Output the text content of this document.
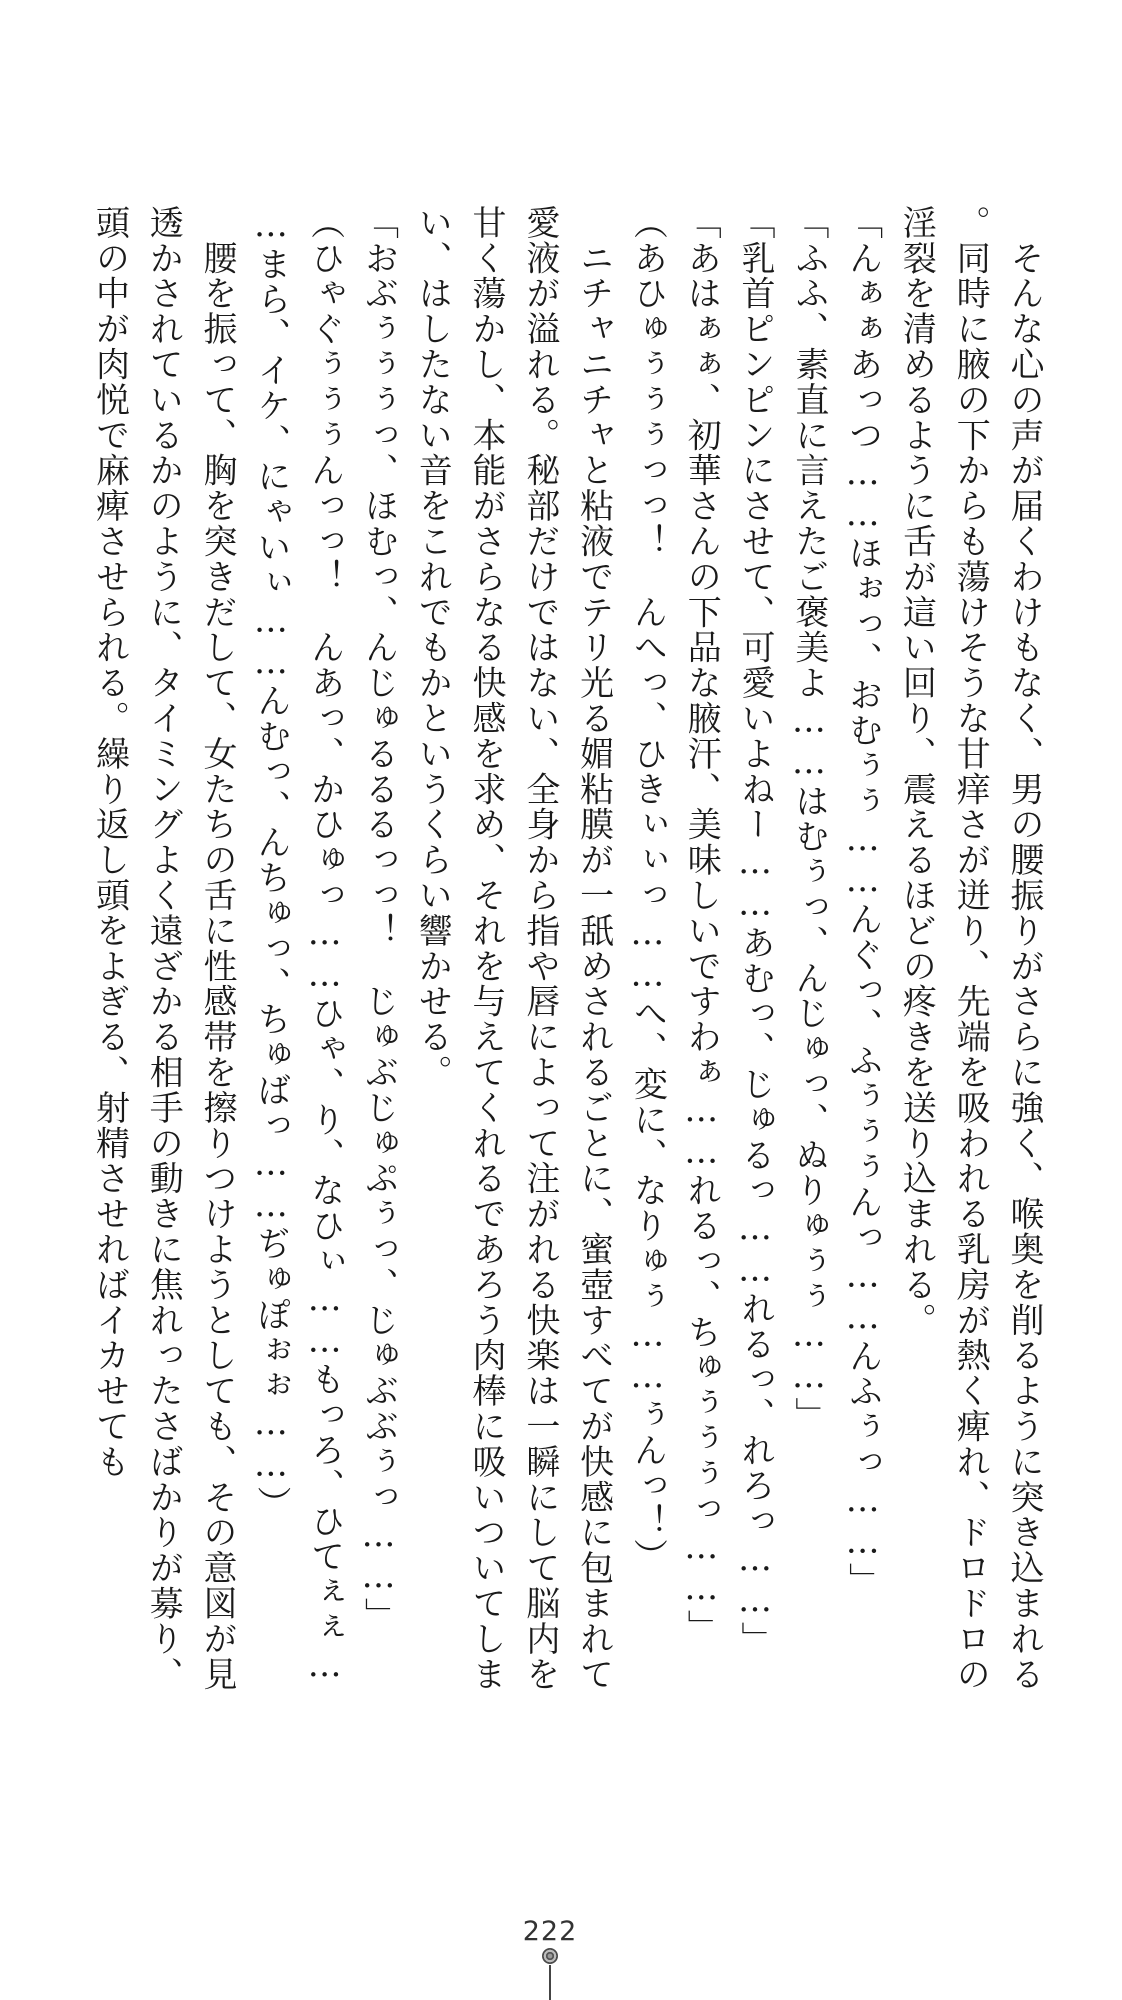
　そんな心の声が届くわけもなく、男の腰振りがさらに強く、喉奥を削るように突き込まれる。同時に腋の下からも蕩けそうな甘痒さが迸り、先端を吸われる乳房が熱く痺れ、ドロドロの淫裂を清めるように舌が這い回り、震えるほどの疼きを送り込まれる。

「んぁぁあっつ……ほぉっ、おむぅぅ……んぐっ、ふぅぅぅんっ……んふぅっ……」

「ふふ、素直に言えたご褒美よ……はむぅっ、んじゅっ、ぬりゅぅぅ……」

「乳首ピンピンにさせて、可愛いよねー……あむっ、じゅるっ……れるっ、れろっ……」

「あはぁぁ、初華さんの下品な腋汗、美味しいですわぁ……れるっ、ちゅぅぅぅっ……」

（あひゅぅぅぅっっ！　んへっ、ひきぃぃっ……へ、変に、なりゅぅ……ぅんっ！）

　ニチャニチャと粘液でテリ光る媚粘膜が一舐めされるごとに、蜜壺すべてが快感に包まれて愛液が溢れる。秘部だけではない、全身から指や唇によって注がれる快楽は一瞬にして脳内を甘く蕩かし、本能がさらなる快感を求め、それを与えてくれるであろう肉棒に吸いついてしまい、はしたない音をこれでもかというくらい響かせる。

「おぶぅぅぅっ、ほむっ、んじゅるるるっっ！　じゅぶじゅぷぅっ、じゅぶぶぅっ……」

（ひゃぐぅぅぅんっっ！　んあっ、かひゅっ……ひゃ、り、なひぃ……もっろ、ひてぇぇ……まら、イケ、にゃいぃ……んむっ、んちゅっ、ちゅばっ……ぢゅぽぉぉ……）

　腰を振って、胸を突きだして、女たちの舌に性感帯を擦りつけようとしても、その意図が見透かされているかのように、タイミングよく遠ざかる相手の動きに焦れったさばかりが募り、頭の中が肉悦で麻痺させられる。繰り返し頭をよぎる、射精させればイカせても

222
